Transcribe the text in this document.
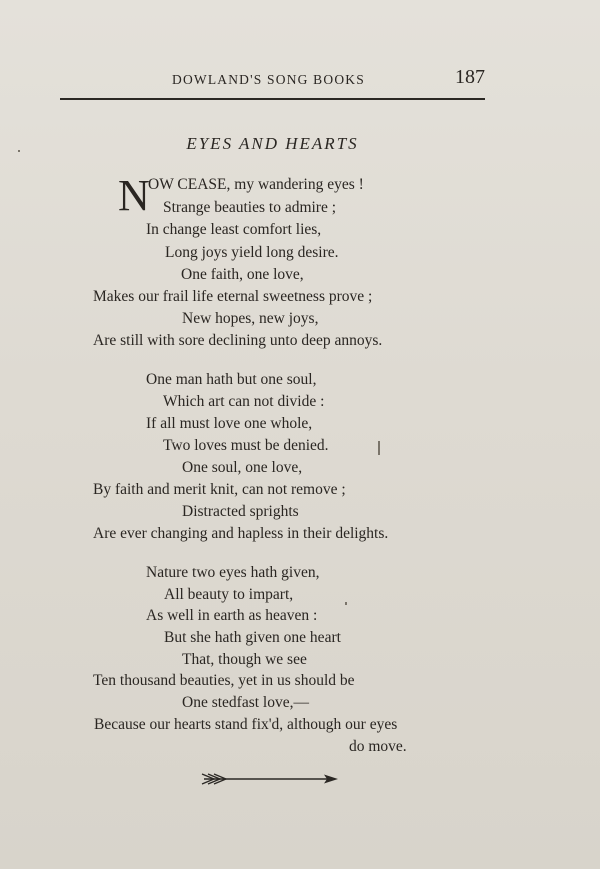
DOWLAND'S SONG BOOKS	187
EYES AND HEARTS
N
OW CEASE, my wandering eyes !
Strange beauties to admire ;
In change least comfort lies,
Long joys yield long desire.
One faith, one love,
Makes our frail life eternal sweetness prove ;
New hopes, new joys,
Are still with sore declining unto deep annoys.
One man hath but one soul,
Which art can not divide :
If all must love one whole,
Two loves must be denied.
One soul, one love,
By faith and merit knit, can not remove ;
Distracted sprights
Are ever changing and hapless in their delights.
Nature two eyes hath given,
All beauty to impart,
As well in earth as heaven :
But she hath given one heart
That, though we see
Ten thousand beauties, yet in us should be
One stedfast love,—
Because our hearts stand fix'd, although our eyes
do move.
